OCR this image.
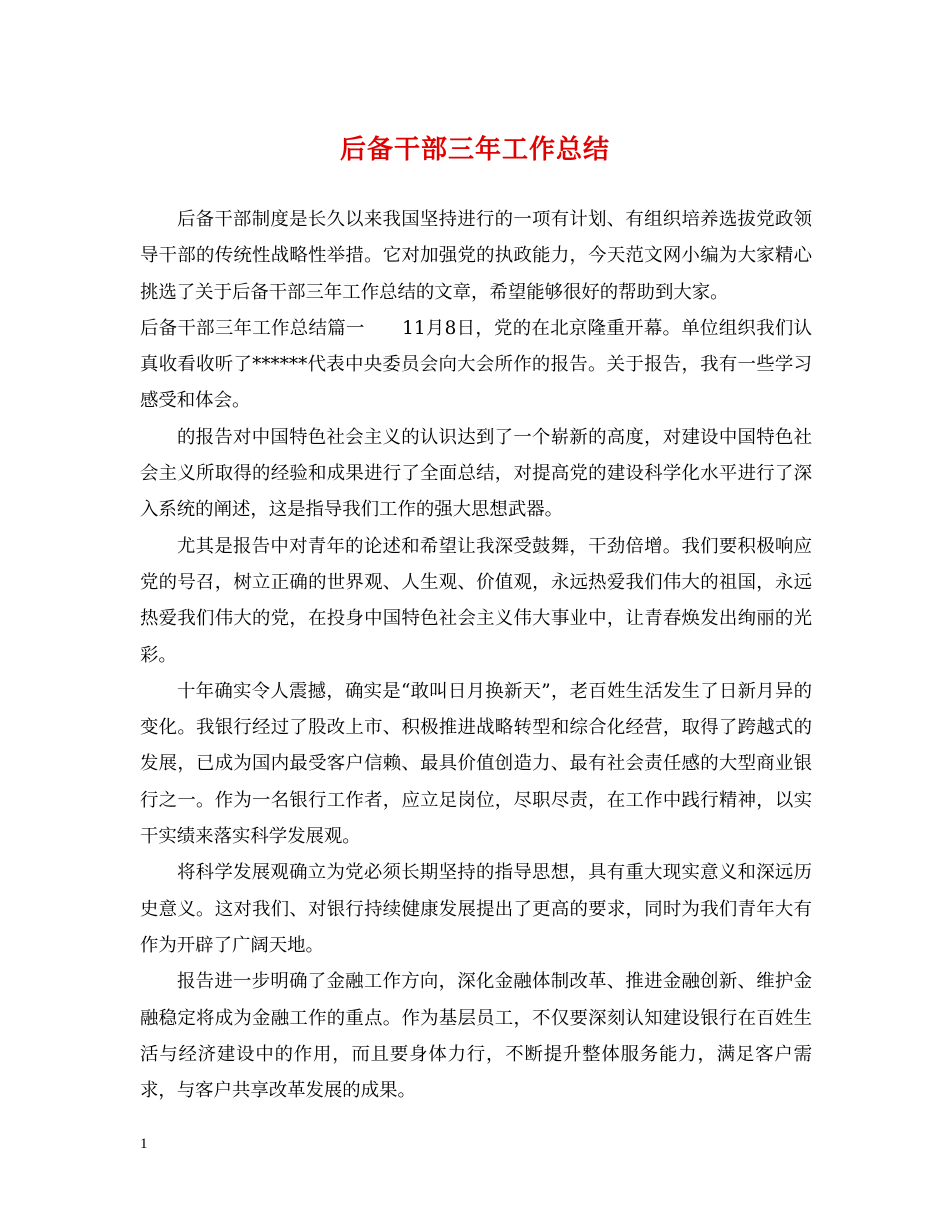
后备干部三年工作总结

后备干部制度是长久以来我国坚持进行的一项有计划、有组织培养选拔党政领导干部的传统性战略性举措。它对加强党的执政能力，今天范文网小编为大家精心挑选了关于后备干部三年工作总结的文章，希望能够很好的帮助到大家。

后备干部三年工作总结篇一　　11月8日，党的在北京隆重开幕。单位组织我们认真收看收听了******代表中央委员会向大会所作的报告。关于报告，我有一些学习感受和体会。

的报告对中国特色社会主义的认识达到了一个崭新的高度，对建设中国特色社会主义所取得的经验和成果进行了全面总结，对提高党的建设科学化水平进行了深入系统的阐述，这是指导我们工作的强大思想武器。

尤其是报告中对青年的论述和希望让我深受鼓舞，干劲倍增。我们要积极响应党的号召，树立正确的世界观、人生观、价值观，永远热爱我们伟大的祖国，永远热爱我们伟大的党，在投身中国特色社会主义伟大事业中，让青春焕发出绚丽的光彩。

十年确实令人震撼，确实是“敢叫日月换新天”，老百姓生活发生了日新月异的变化。我银行经过了股改上市、积极推进战略转型和综合化经营，取得了跨越式的发展，已成为国内最受客户信赖、最具价值创造力、最有社会责任感的大型商业银行之一。作为一名银行工作者，应立足岗位，尽职尽责，在工作中践行精神，以实干实绩来落实科学发展观。

将科学发展观确立为党必须长期坚持的指导思想，具有重大现实意义和深远历史意义。这对我们、对银行持续健康发展提出了更高的要求，同时为我们青年大有作为开辟了广阔天地。

报告进一步明确了金融工作方向，深化金融体制改革、推进金融创新、维护金融稳定将成为金融工作的重点。作为基层员工，不仅要深刻认知建设银行在百姓生活与经济建设中的作用，而且要身体力行，不断提升整体服务能力，满足客户需求，与客户共享改革发展的成果。

1
